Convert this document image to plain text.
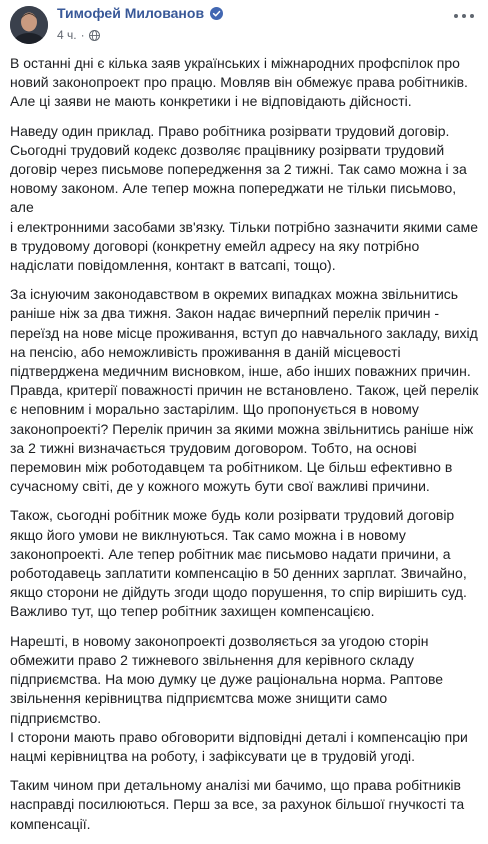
Тимофей Милованов
4 ч. ·

В останні дні є кілька заяв українських і міжнародних профспілок про
новий законопроект про працю. Мовляв він обмежує права робітників.
Але ці заяви не мають конкретики і не відповідають дійсності.

Наведу один приклад. Право робітника розірвати трудовий договір.
Сьогодні трудовий кодекс дозволяє працівнику розірвати трудовий
договір через письмове попередження за 2 тижні. Так само можна і за
новому законом. Але тепер можна попереджати не тільки письмово, але
і електронними засобами зв'язку. Тільки потрібно зазначити якими саме
в трудовому договорі (конкретну емейл адресу на яку потрібно
надіслати повідомлення, контакт в ватсапі, тощо).

За існуючим законодавством в окремих випадках можна звільнитись
раніше ніж за два тижня. Закон надає вичерпний перелік причин -
переїзд на нове місце проживання, вступ до навчального закладу, вихід
на пенсію, або неможливість проживання в даній місцевості
підтверджена медичним висновком, інше, або інших поважних причин.
Правда, критерії поважності причин не встановлено. Також, цей перелік
є неповним і морально застарілим. Що пропонується в новому
законопроекті? Перелік причин за якими можна звільнитись раніше ніж
за 2 тижні визначається трудовим договором. Тобто, на основі
перемовин між роботодавцем та робітником. Це більш ефективно в
сучасному світі, де у кожного можуть бути свої важливі причини.

Також, сьогодні робітник може будь коли розірвати трудовий договір
якщо його умови не виклнуються. Так само можна і в новому
законопроекті. Але тепер робітник має письмово надати причини, а
роботодавець заплатити компенсацію в 50 денних зарплат. Звичайно,
якщо сторони не дійдуть згоди щодо порушення, то спір вирішить суд.
Важливо тут, що тепер робітник захищен компенсацією.

Нарешті, в новому законопроекті дозволяється за угодою сторін
обмежити право 2 тижневого звільнення для керівного складу
підприємства. На мою думку це дуже раціональна норма. Раптове
звільнення керівництва підприємтсва може знищити само підприємство.
І сторони мають право обговорити відповідні деталі і компенсацію при
нацмі керівництва на роботу, і зафіксувати це в трудовій угоді.

Таким чином при детальному аналізі ми бачимо, що права робітників
насправді посилюються. Перш за все, за рахунок більшої гнучкості та
компенсації.
